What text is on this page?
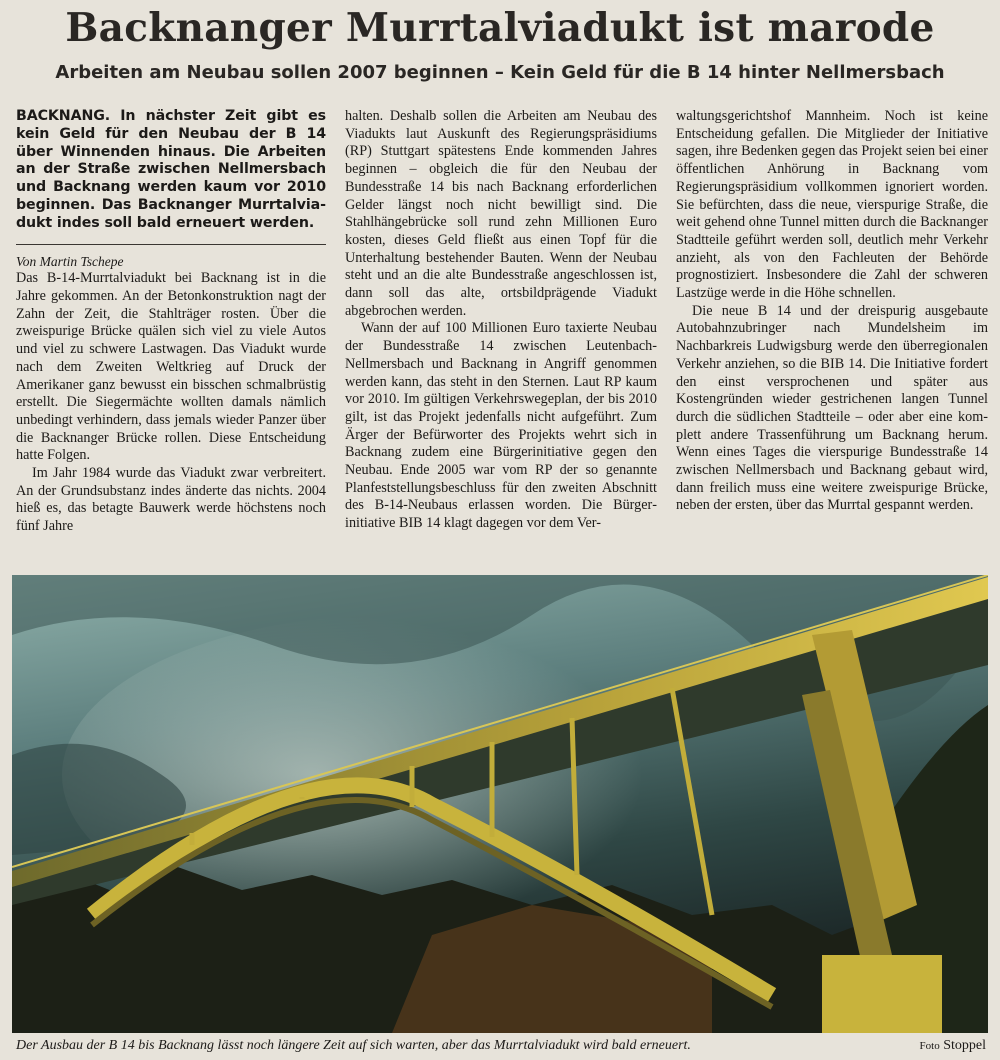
Backnanger Murrtalviadukt ist marode
Arbeiten am Neubau sollen 2007 beginnen – Kein Geld für die B 14 hinter Nellmersbach

BACKNANG. In nächster Zeit gibt es kein Geld für den Neubau der B 14 über Winnenden hinaus. Die Arbeiten an der Straße zwischen Nellmersbach und Backnang werden kaum vor 2010 beginnen. Das Backnanger Murrtalviadukt indes soll bald erneuert werden.

Von Martin Tschepe

Das B-14-Murrtalviadukt bei Backnang ist in die Jahre gekommen. An der Betonkonstruktion nagt der Zahn der Zeit, die Stahlträger rosten. Über die zweispurige Brücke quälen sich viel zu viele Autos und viel zu schwere Lastwagen. Das Viadukt wurde nach dem Zweiten Weltkrieg auf Druck der Amerikaner ganz bewusst ein bisschen schmalbrüstig erstellt. Die Siegermächte wollten damals nämlich unbedingt verhindern, dass jemals wieder Panzer über die Backnanger Brücke rollen. Diese Entscheidung hatte Folgen.

Im Jahr 1984 wurde das Viadukt zwar verbreitert. An der Grundsubstanz indes änderte das nichts. 2004 hieß es, das betagte Bauwerk werde höchstens noch fünf Jahre

halten. Deshalb sollen die Arbeiten am Neubau des Viadukts laut Auskunft des Regierungspräsidiums (RP) Stuttgart spätestens Ende kommenden Jahres beginnen – obgleich die für den Neubau der Bundesstraße 14 bis nach Backnang erforderlichen Gelder längst noch nicht bewilligt sind. Die Stahlhängebrücke soll rund zehn Millionen Euro kosten, dieses Geld fließt aus einen Topf für die Unterhaltung bestehender Bauten. Wenn der Neubau steht und an die alte Bundesstraße angeschlossen ist, dann soll das alte, ortsbildprägende Viadukt abgebrochen werden.

Wann der auf 100 Millionen Euro taxierte Neubau der Bundesstraße 14 zwischen Leutenbach-Nellmersbach und Backnang in Angriff genommen werden kann, das steht in den Sternen. Laut RP kaum vor 2010. Im gültigen Verkehrswegeplan, der bis 2010 gilt, ist das Projekt jedenfalls nicht aufgeführt. Zum Ärger der Befürworter des Projekts wehrt sich in Backnang zudem eine Bürgerinitiative gegen den Neubau. Ende 2005 war vom RP der so genannte Planfeststellungsbeschluss für den zweiten Abschnitt des B-14-Neubaus erlassen worden. Die Bürgerinitiative BIB 14 klagt dagegen vor dem Ver-

waltungsgerichtshof Mannheim. Noch ist keine Entscheidung gefallen. Die Mitglieder der Initiative sagen, ihre Bedenken gegen das Projekt seien bei einer öffentlichen Anhörung in Backnang vom Regierungspräsidium vollkommen ignoriert worden. Sie befürchten, dass die neue, vierspurige Straße, die weit gehend ohne Tunnel mitten durch die Backnanger Stadtteile geführt werden soll, deutlich mehr Verkehr anzieht, als von den Fachleuten der Behörde prognostiziert. Insbesondere die Zahl der schweren Lastzüge werde in die Höhe schnellen.

Die neue B 14 und der dreispurig ausgebaute Autobahnzubringer nach Mundelsheim im Nachbarkreis Ludwigsburg werde den überregionalen Verkehr anziehen, so die BIB 14. Die Initiative fordert den einst versprochenen und später aus Kostengründen wieder gestrichenen langen Tunnel durch die südlichen Stadtteile – oder aber eine komplett andere Trassenführung um Backnang herum. Wenn eines Tages die vierspurige Bundesstraße 14 zwischen Nellmersbach und Backnang gebaut wird, dann freilich muss eine weitere zweispurige Brücke, neben der ersten, über das Murrtal gespannt werden.

Der Ausbau der B 14 bis Backnang lässt noch längere Zeit auf sich warten, aber das Murrtalviadukt wird bald erneuert.	Foto Stoppel
